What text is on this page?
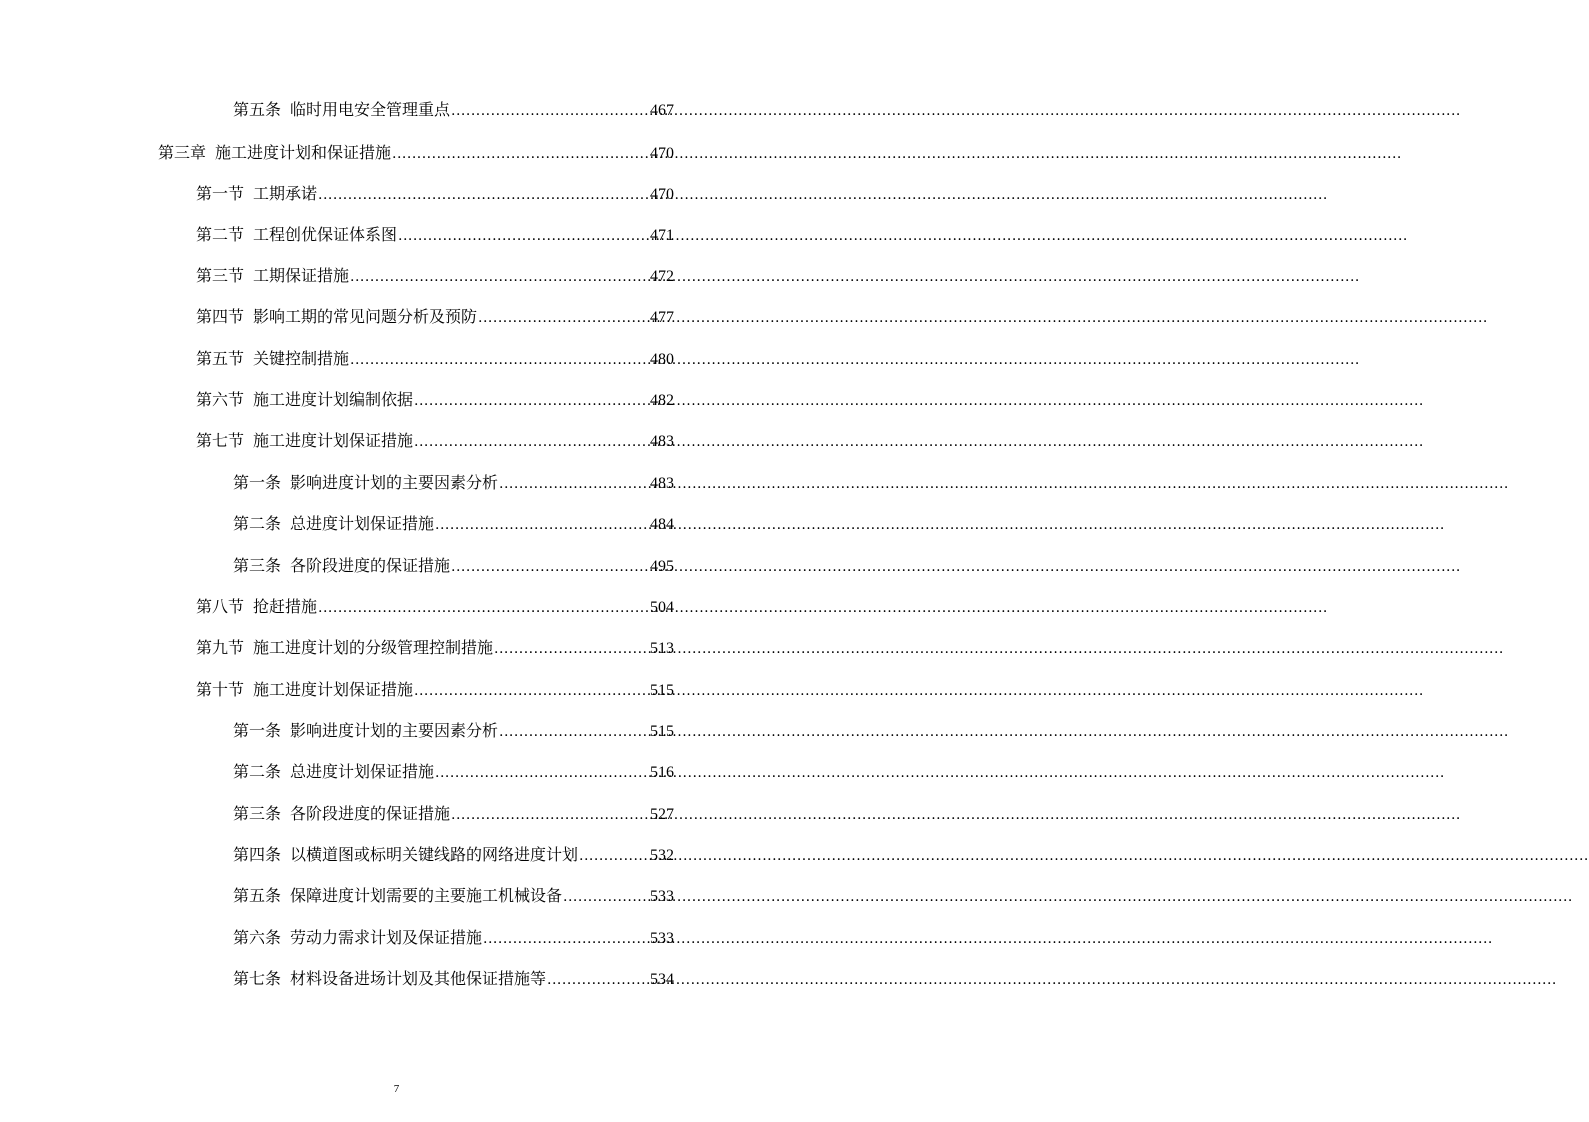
第五条 临时用电安全管理重点 .....	467
第三章 施工进度计划和保证措施 .....	470
第一节 工期承诺 .....	470
第二节 工程创优保证体系图 .....	471
第三节 工期保证措施 .....	472
第四节 影响工期的常见问题分析及预防 .....	477
第五节 关键控制措施 .....	480
第六节 施工进度计划编制依据 .....	482
第七节 施工进度计划保证措施 .....	483
第一条 影响进度计划的主要因素分析 .....	483
第二条 总进度计划保证措施 .....	484
第三条 各阶段进度的保证措施 .....	495
第八节 抢赶措施 .....	504
第九节 施工进度计划的分级管理控制措施 .....	513
第十节 施工进度计划保证措施 .....	515
第一条 影响进度计划的主要因素分析 .....	515
第二条 总进度计划保证措施 .....	516
第三条 各阶段进度的保证措施 .....	527
第四条 以横道图或标明关键线路的网络进度计划 .....	532
第五条 保障进度计划需要的主要施工机械设备 .....	533
第六条 劳动力需求计划及保证措施 .....	533
第七条 材料设备进场计划及其他保证措施等 .....	534
7
